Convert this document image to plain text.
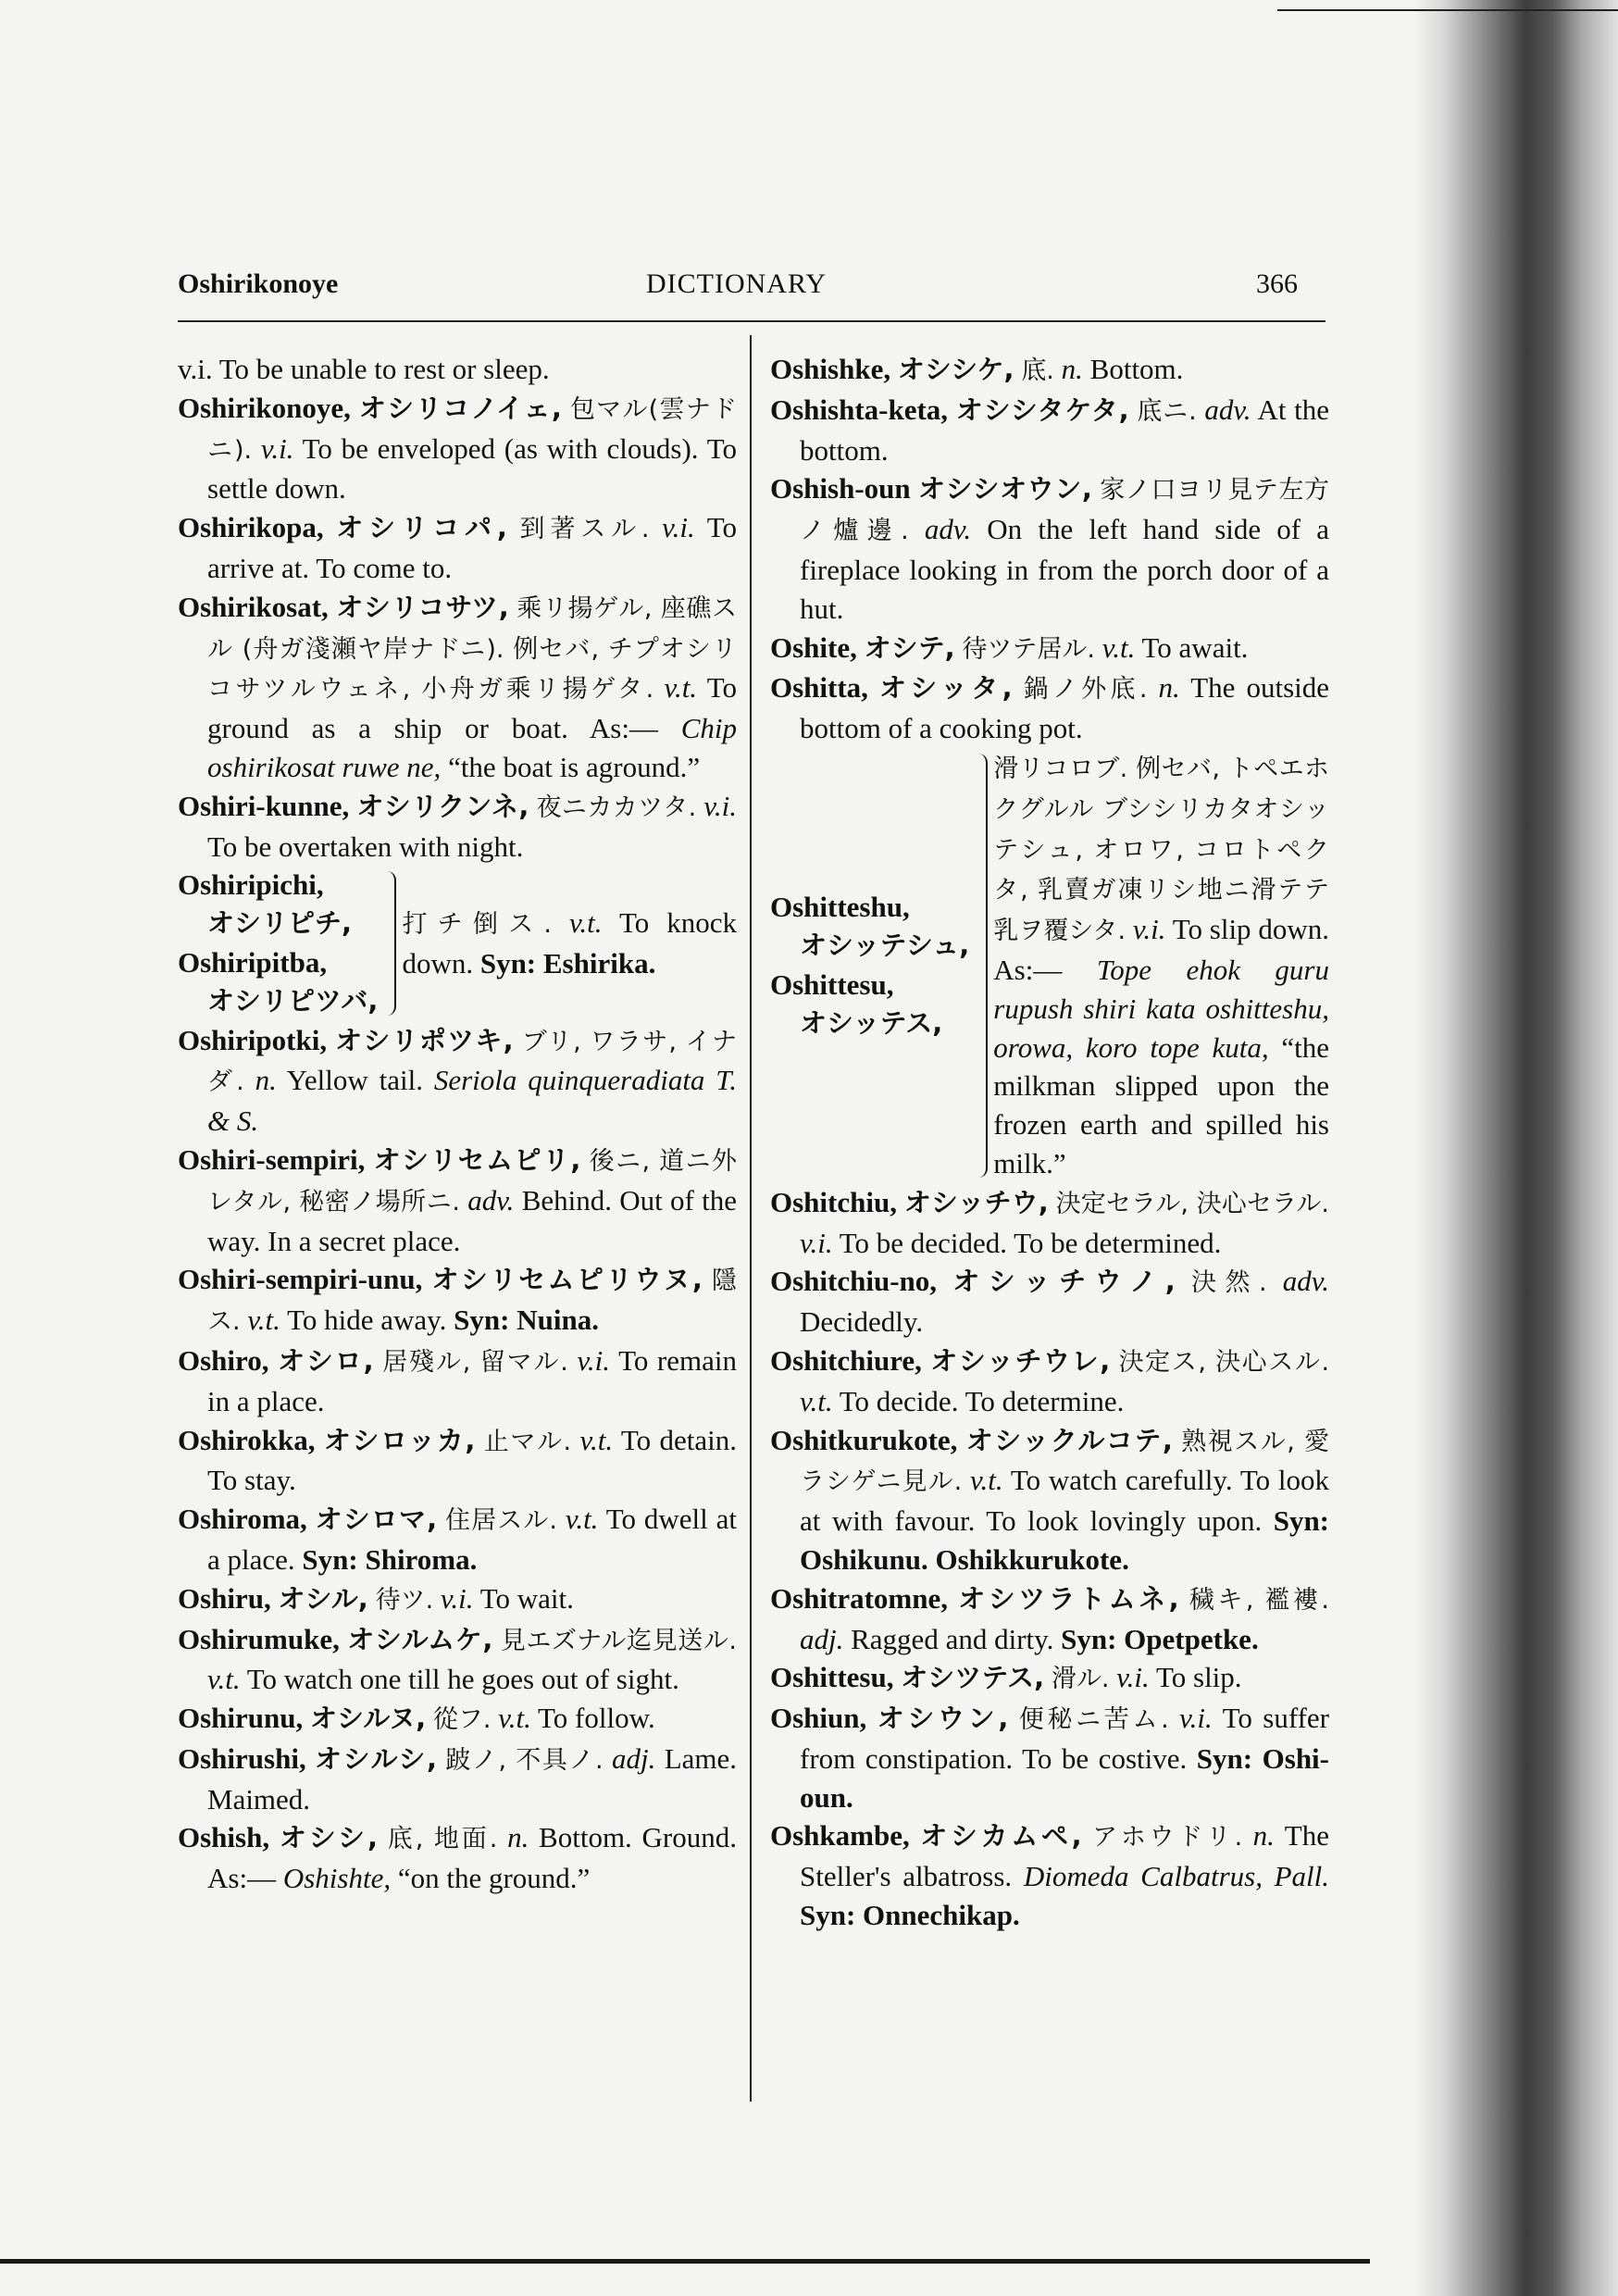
Oshirikonoye	DICTIONARY	366

v.i. To be unable to rest or sleep.

Oshirikonoye, オシリコノイェ, 包マル(雲ナドニ). v.i. To be enveloped (as with clouds). To settle down.

Oshirikopa, オシリコパ, 到著スル. v.i. To arrive at. To come to.

Oshirikosat, オシリコサツ, 乘リ揚ゲル, 座礁スル (舟ガ淺瀬ヤ岸ナドニ). 例セバ, チプオシリコサツルウェネ, 小舟ガ乘リ揚ゲタ. v.t. To ground as a ship or boat. As:— Chip oshirikosat ruwe ne, “the boat is aground.”

Oshiri-kunne, オシリクンネ, 夜ニカカツタ. v.i. To be overtaken with night.

Oshiripichi,
オシリピチ,
Oshiripitba,
オシリピツバ,
打チ倒ス. v.t. To knock down. Syn: Eshirika.

Oshiripotki, オシリポツキ, ブリ, ワラサ, イナダ. n. Yellow tail. Seriola quinqueradiata T. & S.

Oshiri-sempiri, オシリセムピリ, 後ニ, 道ニ外レタル, 秘密ノ場所ニ. adv. Behind. Out of the way. In a secret place.

Oshiri-sempiri-unu, オシリセムピリウヌ, 隱ス. v.t. To hide away. Syn: Nuina.

Oshiro, オシロ, 居殘ル, 留マル. v.i. To remain in a place.

Oshirokka, オシロッカ, 止マル. v.t. To detain. To stay.

Oshiroma, オシロマ, 住居スル. v.t. To dwell at a place. Syn: Shiroma.

Oshiru, オシル, 待ツ. v.i. To wait.

Oshirumuke, オシルムケ, 見エズナル迄見送ル. v.t. To watch one till he goes out of sight.

Oshirunu, オシルヌ, 從フ. v.t. To follow.

Oshirushi, オシルシ, 跛ノ, 不具ノ. adj. Lame. Maimed.

Oshish, オシシ, 底, 地面. n. Bottom. Ground. As:— Oshishte, “on the ground.”

Oshishke, オシシケ, 底. n. Bottom.

Oshishta-keta, オシシタケタ, 底ニ. adv. At the bottom.

Oshish-oun オシシオウン, 家ノ口ヨリ見テ左方ノ爐邊. adv. On the left hand side of a fireplace looking in from the porch door of a hut.

Oshite, オシテ, 待ツテ居ル. v.t. To await.

Oshitta, オシッタ, 鍋ノ外底. n. The outside bottom of a cooking pot.

Oshitteshu,
オシッテシュ,
Oshittesu,
オシッテス,
滑リコロブ. 例セバ, トペエホクグルル ブシシリカタオシッテシュ, オロワ, コロトペクタ, 乳賣ガ凍リシ地ニ滑テテ乳ヲ覆シタ. v.i. To slip down. As:— Tope ehok guru rupush shiri kata oshitteshu, orowa, koro tope kuta, “the milkman slipped upon the frozen earth and spilled his milk.”

Oshitchiu, オシッチウ, 決定セラル, 決心セラル. v.i. To be decided. To be determined.

Oshitchiu-no, オシッチウノ, 決然. adv. Decidedly.

Oshitchiure, オシッチウレ, 決定ス, 決心スル. v.t. To decide. To determine.

Oshitkurukote, オシックルコテ, 熟視スル, 愛ラシゲニ見ル. v.t. To watch carefully. To look at with favour. To look lovingly upon. Syn: Oshikunu. Oshikkurukote.

Oshitratomne, オシツラトムネ, 穢キ, 襤褸. adj. Ragged and dirty. Syn: Opetpetke.

Oshittesu, オシツテス, 滑ル. v.i. To slip.

Oshiun, オシウン, 便秘ニ苦ム. v.i. To suffer from constipation. To be costive. Syn: Oshi-oun.

Oshkambe, オシカムペ, アホウドリ. n. The Steller's albatross. Diomeda Calbatrus, Pall. Syn: Onnechikap.
